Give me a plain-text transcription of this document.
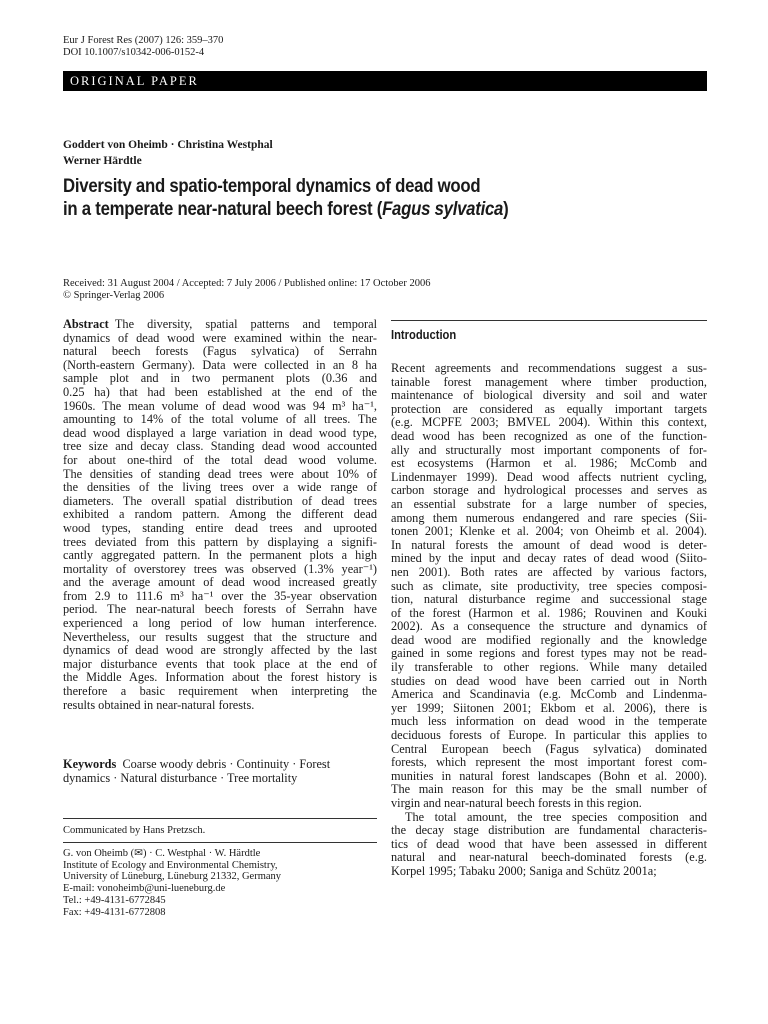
Eur J Forest Res (2007) 126: 359–370
DOI 10.1007/s10342-006-0152-4
ORIGINAL PAPER
Goddert von Oheimb · Christina Westphal
Werner Härdtle
Diversity and spatio-temporal dynamics of dead wood
in a temperate near-natural beech forest (Fagus sylvatica)
Received: 31 August 2004 / Accepted: 7 July 2006 / Published online: 17 October 2006
© Springer-Verlag 2006
Abstract The diversity, spatial patterns and temporal
dynamics of dead wood were examined within the near-
natural beech forests (Fagus sylvatica) of Serrahn
(North-eastern Germany). Data were collected in an 8 ha
sample plot and in two permanent plots (0.36 and
0.25 ha) that had been established at the end of the
1960s. The mean volume of dead wood was 94 m³ ha⁻¹,
amounting to 14% of the total volume of all trees. The
dead wood displayed a large variation in dead wood type,
tree size and decay class. Standing dead wood accounted
for about one-third of the total dead wood volume.
The densities of standing dead trees were about 10% of
the densities of the living trees over a wide range of
diameters. The overall spatial distribution of dead trees
exhibited a random pattern. Among the different dead
wood types, standing entire dead trees and uprooted
trees deviated from this pattern by displaying a signifi-
cantly aggregated pattern. In the permanent plots a high
mortality of overstorey trees was observed (1.3% year⁻¹)
and the average amount of dead wood increased greatly
from 2.9 to 111.6 m³ ha⁻¹ over the 35-year observation
period. The near-natural beech forests of Serrahn have
experienced a long period of low human interference.
Nevertheless, our results suggest that the structure and
dynamics of dead wood are strongly affected by the last
major disturbance events that took place at the end of
the Middle Ages. Information about the forest history is
therefore a basic requirement when interpreting the
results obtained in near-natural forests.
Keywords Coarse woody debris · Continuity · Forest
dynamics · Natural disturbance · Tree mortality
Communicated by Hans Pretzsch.
G. von Oheimb (✉) · C. Westphal · W. Härdtle
Institute of Ecology and Environmental Chemistry,
University of Lüneburg, Lüneburg 21332, Germany
E-mail: vonoheimb@uni-lueneburg.de
Tel.: +49-4131-6772845
Fax: +49-4131-6772808
Introduction
Recent agreements and recommendations suggest a sus-
tainable forest management where timber production,
maintenance of biological diversity and soil and water
protection are considered as equally important targets
(e.g. MCPFE 2003; BMVEL 2004). Within this context,
dead wood has been recognized as one of the function-
ally and structurally most important components of for-
est ecosystems (Harmon et al. 1986; McComb and
Lindenmayer 1999). Dead wood affects nutrient cycling,
carbon storage and hydrological processes and serves as
an essential substrate for a large number of species,
among them numerous endangered and rare species (Sii-
tonen 2001; Klenke et al. 2004; von Oheimb et al. 2004).
In natural forests the amount of dead wood is deter-
mined by the input and decay rates of dead wood (Siito-
nen 2001). Both rates are affected by various factors,
such as climate, site productivity, tree species composi-
tion, natural disturbance regime and successional stage
of the forest (Harmon et al. 1986; Rouvinen and Kouki
2002). As a consequence the structure and dynamics of
dead wood are modified regionally and the knowledge
gained in some regions and forest types may not be read-
ily transferable to other regions. While many detailed
studies on dead wood have been carried out in North
America and Scandinavia (e.g. McComb and Lindenma-
yer 1999; Siitonen 2001; Ekbom et al. 2006), there is
much less information on dead wood in the temperate
deciduous forests of Europe. In particular this applies to
Central European beech (Fagus sylvatica) dominated
forests, which represent the most important forest com-
munities in natural forest landscapes (Bohn et al. 2000).
The main reason for this may be the small number of
virgin and near-natural beech forests in this region.
The total amount, the tree species composition and
the decay stage distribution are fundamental characteris-
tics of dead wood that have been assessed in different
natural and near-natural beech-dominated forests (e.g.
Korpel 1995; Tabaku 2000; Saniga and Schütz 2001a;
